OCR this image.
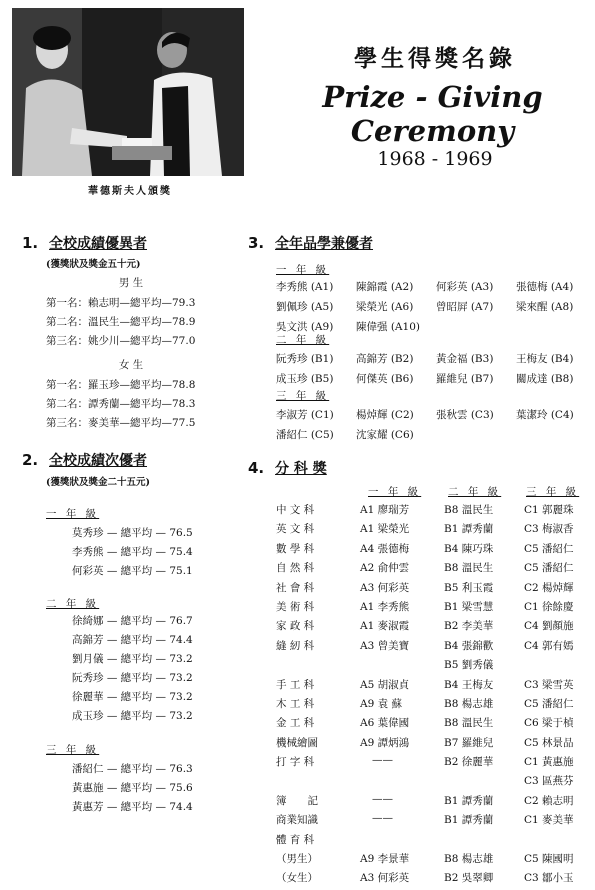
華德斯夫人頒獎
學生得獎名錄
Prize - Giving Ceremony
1968 - 1969
1. 全校成績優異者
(獲獎狀及獎金五十元)
男 生
第一名：賴志明—總平均—79.3
第二名：溫民生—總平均—78.9
第三名：姚少川—總平均—77.0
女 生
第一名：羅玉珍—總平均—78.8
第二名：譚秀蘭—總平均—78.3
第三名：麥美華—總平均—77.5
2. 全校成績次優者
(獲獎狀及獎金二十五元)
一 年 級
莫秀珍 — 總平均 — 76.5
李秀熊 — 總平均 — 75.4
何彩英 — 總平均 — 75.1
二 年 級
徐綺娜 — 總平均 — 76.7
高錦芳 — 總平均 — 74.4
劉月儀 — 總平均 — 73.2
阮秀珍 — 總平均 — 73.2
徐麗華 — 總平均 — 73.2
成玉珍 — 總平均 — 73.2
三 年 級
潘紹仁 — 總平均 — 76.3
黃惠施 — 總平均 — 75.6
黃惠芳 — 總平均 — 74.4
3. 全年品學兼優者
一 年 級
李秀熊 (A1) 陳錦霞 (A2) 何彩英 (A3) 張德梅 (A4)
劉佩珍 (A5) 梁榮光 (A6) 曾昭屛 (A7) 梁來醒 (A8)
吳文洪 (A9) 陳偉强 (A10)
二 年 級
阮秀珍 (B1) 高錦芳 (B2) 黃金福 (B3) 王梅友 (B4)
成玉珍 (B5) 何傑英 (B6) 羅維兒 (B7) 關成達 (B8)
三 年 級
李淑芳 (C1) 楊焯輝 (C2) 張秋雲 (C3) 葉潔玲 (C4)
潘紹仁 (C5) 沈家耀 (C6)
4. 分 科 獎
一 年 級	二 年 級 三 年 級
中 文 科
英 文 科
數 學 科
自 然 科
社 會 科
美 術 科
家 政 科
縫 紉 科
手 工 科
木 工 科
金 工 科
機械繪圖
打 字 科
簿　　記
商業知識
體 育 科
（男生）
（女生）
A1 廖瑞芳
A1 梁榮光
A4 張德梅
A2 俞仲雲
A3 何彩英
A1 李秀熊
A1 麥淑霞
A3 曾美寶
A5 胡淑貞
A9 袁 蘇
A6 葉偉國
A9 譚炳鴻
——
——
——
A9 李景華
A3 何彩英
B8 溫民生
B1 譚秀蘭
B4 陳巧珠
B8 溫民生
B5 利玉霞
B1 梁雪慧
B2 李美華
B4 張錦歡
B5 劉秀儀
B4 王梅友
B8 楊志雄
B8 溫民生
B7 羅維兒
B2 徐麗華
B1 譚秀蘭
B1 譚秀蘭
B8 楊志雄
B2 吳翠卿
C1 郭麗珠
C3 梅淑香
C5 潘紹仁
C5 潘紹仁
C2 楊焯輝
C1 徐餘慶
C4 劉顏施
C4 郭有嫣
C3 梁雪英
C5 潘紹仁
C6 梁于楨
C5 林景品
C1 黃惠施
C3 區燕芬
C2 賴志明
C1 麥美華
C5 陳國明
C3 鄒小玉
